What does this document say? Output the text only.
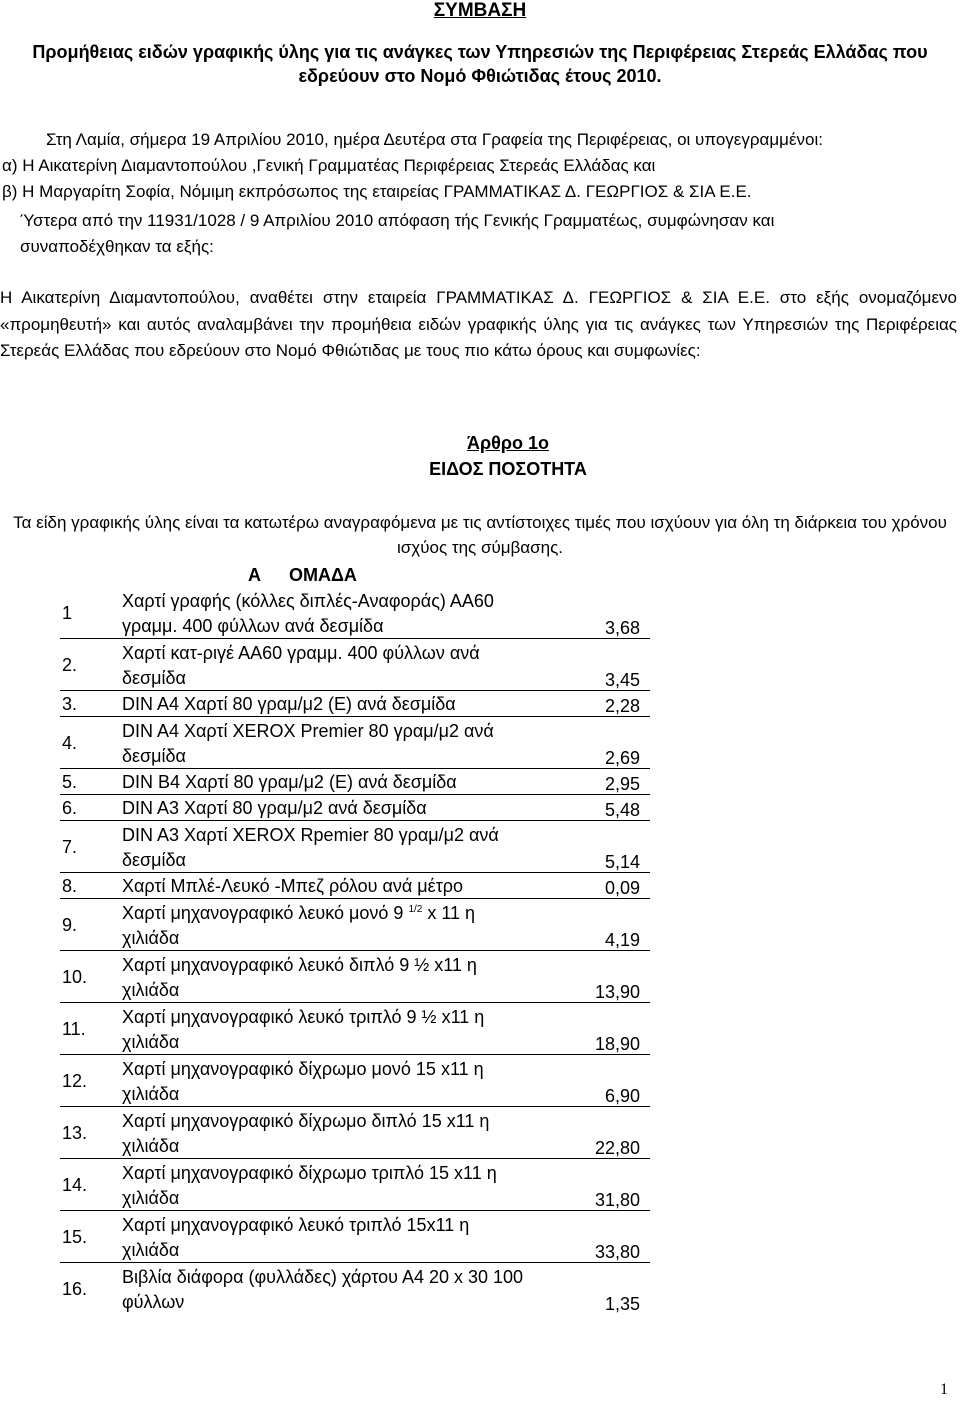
ΣΥΜΒΑΣΗ
Προμήθειας ειδών γραφικής ύλης για τις ανάγκες των Υπηρεσιών της Περιφέρειας Στερεάς Ελλάδας που
εδρεύουν στο Νομό Φθιώτιδας έτους 2010.
Στη Λαμία, σήμερα 19 Απριλίου 2010, ημέρα Δευτέρα στα Γραφεία της Περιφέρειας, οι υπογεγραμμένοι:
α) Η Αικατερίνη Διαμαντοπούλου ,Γενική Γραμματέας Περιφέρειας Στερεάς Ελλάδας και
β) Η Μαργαρίτη Σοφία, Νόμιμη εκπρόσωπος της εταιρείας ΓΡΑΜΜΑΤΙΚΑΣ Δ. ΓΕΩΡΓΙΟΣ & ΣΙΑ Ε.Ε.
Ύστερα από την 11931/1028 / 9 Απριλίου 2010 απόφαση τής Γενικής Γραμματέως, συμφώνησαν και
συναποδέχθηκαν τα εξής:
Η Αικατερίνη Διαμαντοπούλου, αναθέτει στην εταιρεία ΓΡΑΜΜΑΤΙΚΑΣ Δ. ΓΕΩΡΓΙΟΣ & ΣΙΑ Ε.Ε. στο εξής ονομαζόμενο «προμηθευτή» και αυτός αναλαμβάνει την προμήθεια ειδών γραφικής ύλης για τις ανάγκες των Υπηρεσιών της Περιφέρειας Στερεάς Ελλάδας που εδρεύουν στο Νομό Φθιώτιδας με τους πιο κάτω όρους και συμφωνίες:
Άρθρο 1ο
ΕΙΔΟΣ ΠΟΣΟΤΗΤΑ
Τα είδη γραφικής ύλης είναι τα κατωτέρω αναγραφόμενα με τις αντίστοιχες τιμές που ισχύουν για όλη τη διάρκεια του χρόνου ισχύος της σύμβασης.
Α ΟΜΑΔΑ
1
Χαρτί γραφής (κόλλες διπλές-Αναφοράς) ΑΑ60
γραμμ. 400 φύλλων ανά δεσμίδα	3,68
2.
Χαρτί κατ-ριγέ ΑΑ60 γραμμ. 400 φύλλων ανά
δεσμίδα	3,45
3. DIN A4 Χαρτί 80 γραμ/μ2 (Ε) ανά δεσμίδα	2,28
4.
DIN A4 Χαρτί XEROX Premier 80 γραμ/μ2 ανά
δεσμίδα	2,69
5. DIN B4 Χαρτί 80 γραμ/μ2 (Ε) ανά δεσμίδα	2,95
6. DIN A3 Χαρτί 80 γραμ/μ2 ανά δεσμίδα	5,48
7.
DIN A3 Χαρτί XEROX Rpemier 80 γραμ/μ2 ανά
δεσμίδα	5,14
8. Χαρτί Μπλέ-Λευκό -Μπεζ ρόλου ανά μέτρο	0,09
9.
Χαρτί μηχανογραφικό λευκό μονό 9 $^{1/2}$ x 11 η
χιλιάδα	4,19
10.
Χαρτί μηχανογραφικό λευκό διπλό 9 ½ x11 η
χιλιάδα	13,90
11.
Χαρτί μηχανογραφικό λευκό τριπλό 9 ½ x11 η
χιλιάδα	18,90
12.
Χαρτί μηχανογραφικό δίχρωμο μονό 15 x11 η
χιλιάδα	6,90
13.
Χαρτί μηχανογραφικό δίχρωμο διπλό 15 x11 η
χιλιάδα	22,80
14.
Χαρτί μηχανογραφικό δίχρωμο τριπλό 15 x11 η
χιλιάδα	31,80
15.
Χαρτί μηχανογραφικό λευκό τριπλό 15x11 η
χιλιάδα	33,80
16.
Βιβλία διάφορα (φυλλάδες) χάρτου Α4 20 x 30 100
φύλλων	1,35
1
